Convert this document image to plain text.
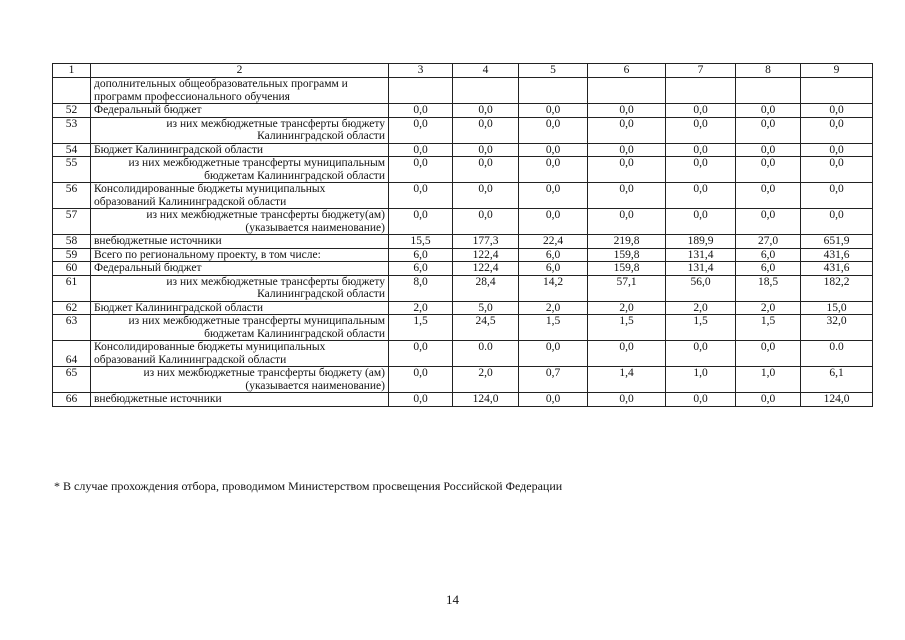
1	2	3	4	5	6	7	8	9
	дополнительных общеобразовательных программ и программ профессионального обучения							
52	Федеральный бюджет	0,0	0,0	0,0	0,0	0,0	0,0	0,0
53	из них межбюджетные трансферты бюджету Калининградской области	0,0	0,0	0,0	0,0	0,0	0,0	0,0
54	Бюджет Калининградской области	0,0	0,0	0,0	0,0	0,0	0,0	0,0
55	из них межбюджетные трансферты муниципальным бюджетам Калининградской области	0,0	0,0	0,0	0,0	0,0	0,0	0,0
56	Консолидированные бюджеты муниципальных образований Калининградской области	0,0	0,0	0,0	0,0	0,0	0,0	0,0
57	из них межбюджетные трансферты бюджету(ам) (указывается наименование)	0,0	0,0	0,0	0,0	0,0	0,0	0,0
58	внебюджетные источники	15,5	177,3	22,4	219,8	189,9	27,0	651,9
59	Всего по региональному проекту, в том числе:	6,0	122,4	6,0	159,8	131,4	6,0	431,6
60	Федеральный бюджет	6,0	122,4	6,0	159,8	131,4	6,0	431,6
61	из них межбюджетные трансферты бюджету Калининградской области	8,0	28,4	14,2	57,1	56,0	18,5	182,2
62	Бюджет Калининградской области	2,0	5,0	2,0	2,0	2,0	2,0	15,0
63	из них межбюджетные трансферты муниципальным бюджетам Калининградской области	1,5	24,5	1,5	1,5	1,5	1,5	32,0
64	Консолидированные бюджеты муниципальных образований Калининградской области	0,0	0.0	0,0	0,0	0,0	0,0	0.0
65	из них межбюджетные трансферты бюджету (ам) (указывается наименование)	0,0	2,0	0,7	1,4	1,0	1,0	6,1
66	внебюджетные источники	0,0	124,0	0,0	0,0	0,0	0,0	124,0
* В случае прохождения отбора, проводимом Министерством просвещения Российской Федерации
14
